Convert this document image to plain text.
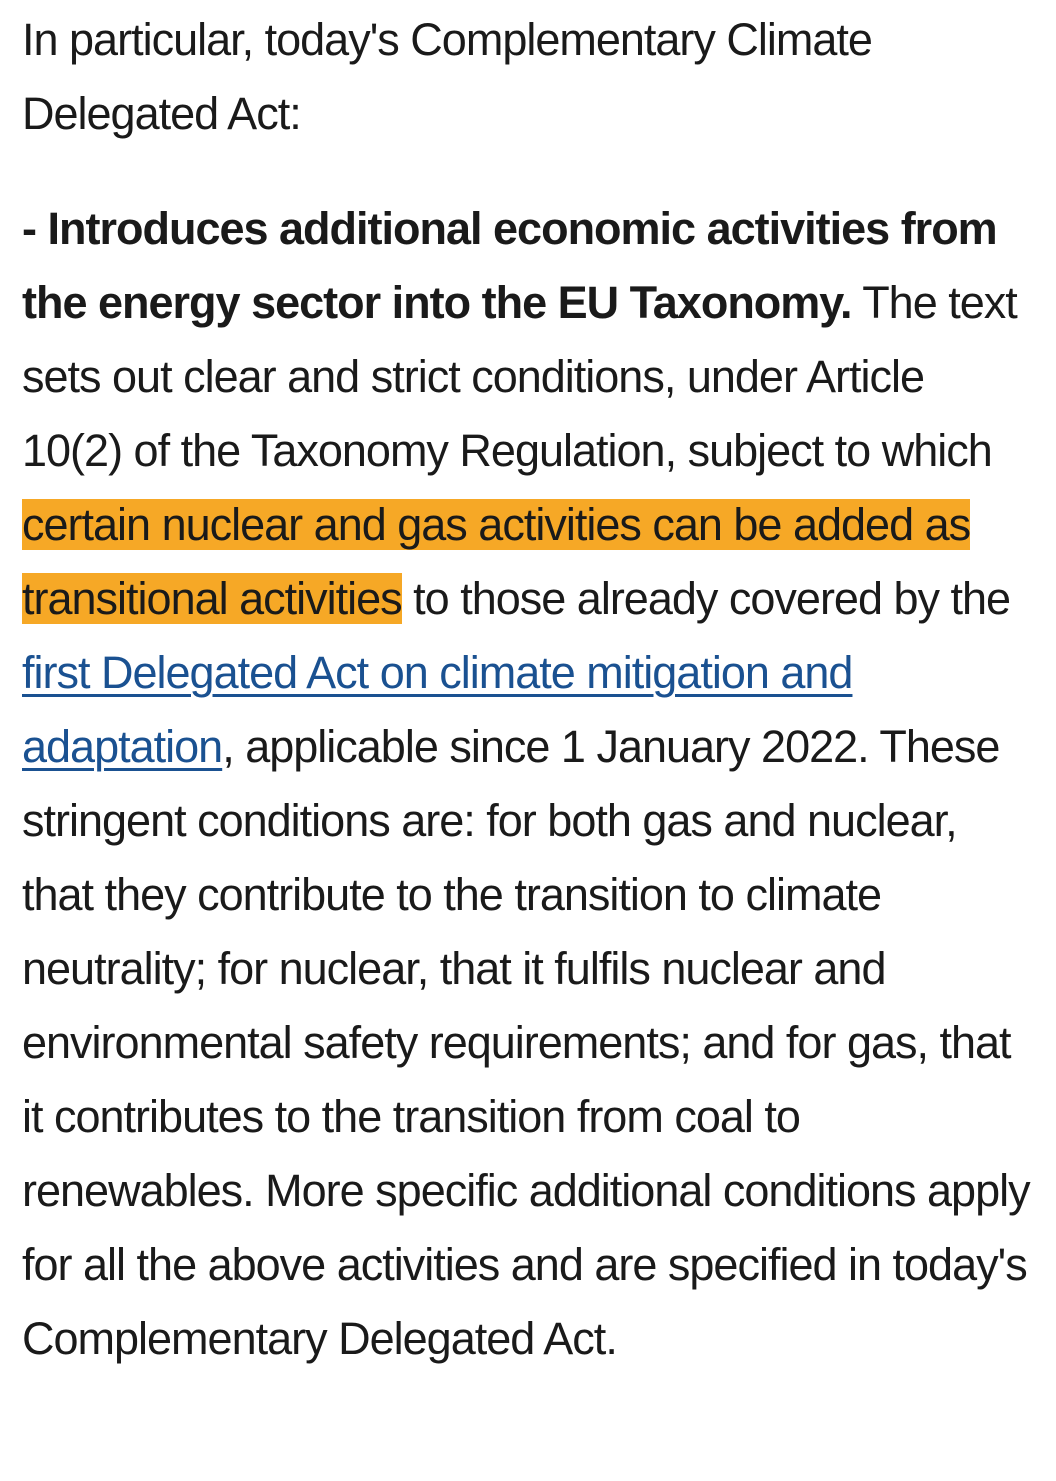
In particular, today's Complementary Climate Delegated Act:

- Introduces additional economic activities from the energy sector into the EU Taxonomy. The text sets out clear and strict conditions, under Article 10(2) of the Taxonomy Regulation, subject to which certain nuclear and gas activities can be added as transitional activities to those already covered by the first Delegated Act on climate mitigation and adaptation, applicable since 1 January 2022. These stringent conditions are: for both gas and nuclear, that they contribute to the transition to climate neutrality; for nuclear, that it fulfils nuclear and environmental safety requirements; and for gas, that it contributes to the transition from coal to renewables. More specific additional conditions apply for all the above activities and are specified in today's Complementary Delegated Act.
